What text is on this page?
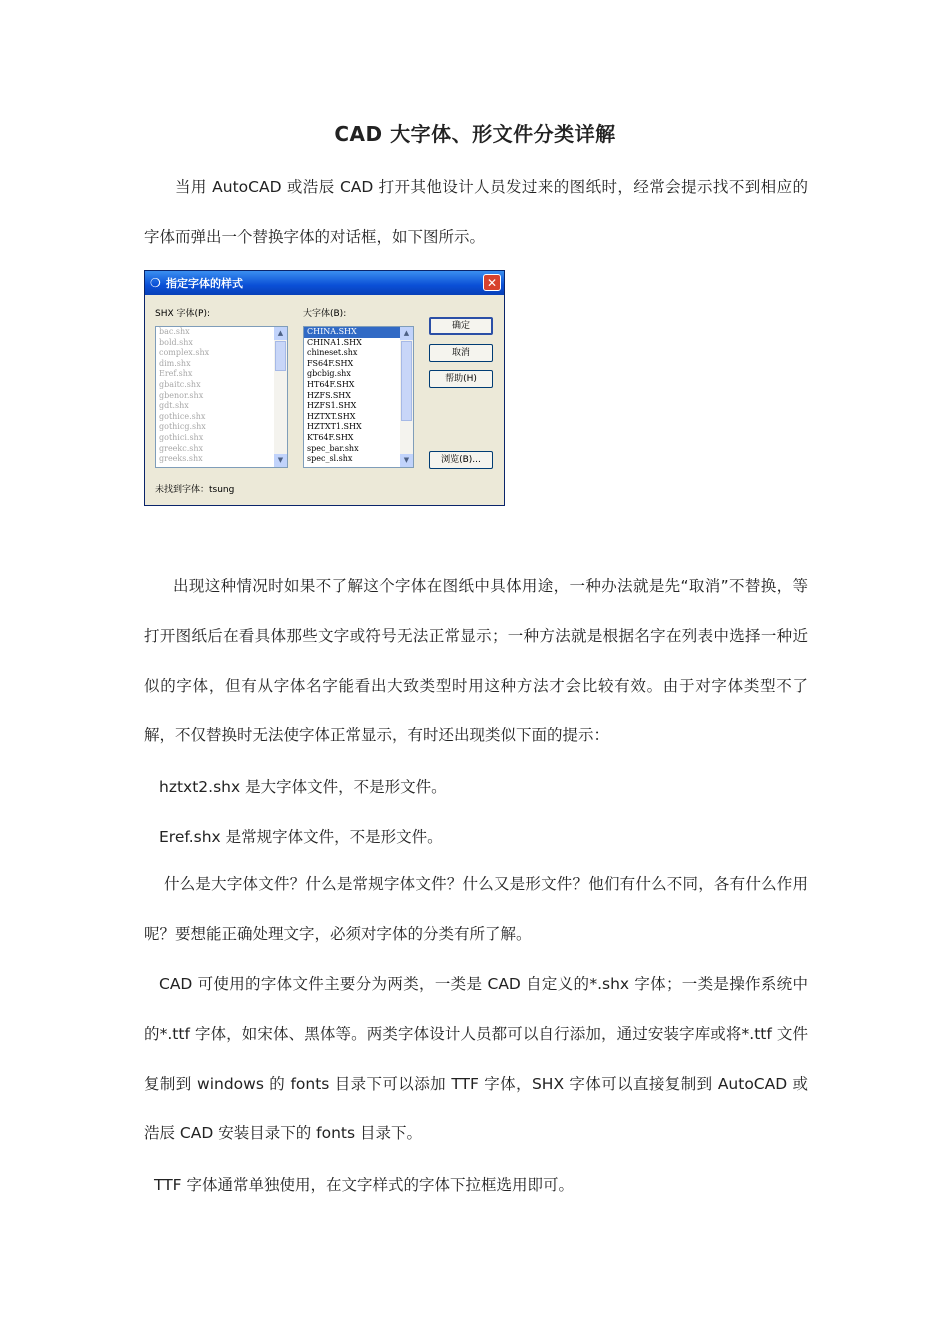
CAD 大字体、形文件分类详解
当用 AutoCAD 或浩辰 CAD 打开其他设计人员发过来的图纸时，经常会提示找不到相应的字体而弹出一个替换字体的对话框，如下图所示。
❍ 指定字体的样式	✕
SHX 字体(P):	大字体(B):
bac.shx
bold.shx
complex.shx
dim.shx
Eref.shx
gbaitc.shx
gbenor.shx
gdt.shx
gothice.shx
gothicg.shx
gothici.shx
greekc.shx
greeks.shx
▲
▼
CHINA.SHX
CHINA1.SHX
chineset.shx
FS64F.SHX
gbcbig.shx
HT64F.SHX
HZFS.SHX
HZFS1.SHX
HZTXT.SHX
HZTXT1.SHX
KT64F.SHX
spec_bar.shx
spec_sl.shx
▲
▼
确定
取消
帮助(H)
浏览(B)...
未找到字体：tsung
出现这种情况时如果不了解这个字体在图纸中具体用途，一种办法就是先“取消”不替换，等打开图纸后在看具体那些文字或符号无法正常显示；一种方法就是根据名字在列表中选择一种近似的字体，但有从字体名字能看出大致类型时用这种方法才会比较有效。由于对字体类型不了解，不仅替换时无法使字体正常显示，有时还出现类似下面的提示：
hztxt2.shx 是大字体文件，不是形文件。
Eref.shx 是常规字体文件，不是形文件。
什么是大字体文件？什么是常规字体文件？什么又是形文件？他们有什么不同，各有什么作用呢？要想能正确处理文字，必须对字体的分类有所了解。
CAD 可使用的字体文件主要分为两类，一类是 CAD 自定义的*.shx 字体；一类是操作系统中的*.ttf 字体，如宋体、黑体等。两类字体设计人员都可以自行添加，通过安装字库或将*.ttf 文件复制到 windows 的 fonts 目录下可以添加 TTF 字体，SHX 字体可以直接复制到 AutoCAD 或浩辰 CAD 安装目录下的 fonts 目录下。
TTF 字体通常单独使用，在文字样式的字体下拉框选用即可。
